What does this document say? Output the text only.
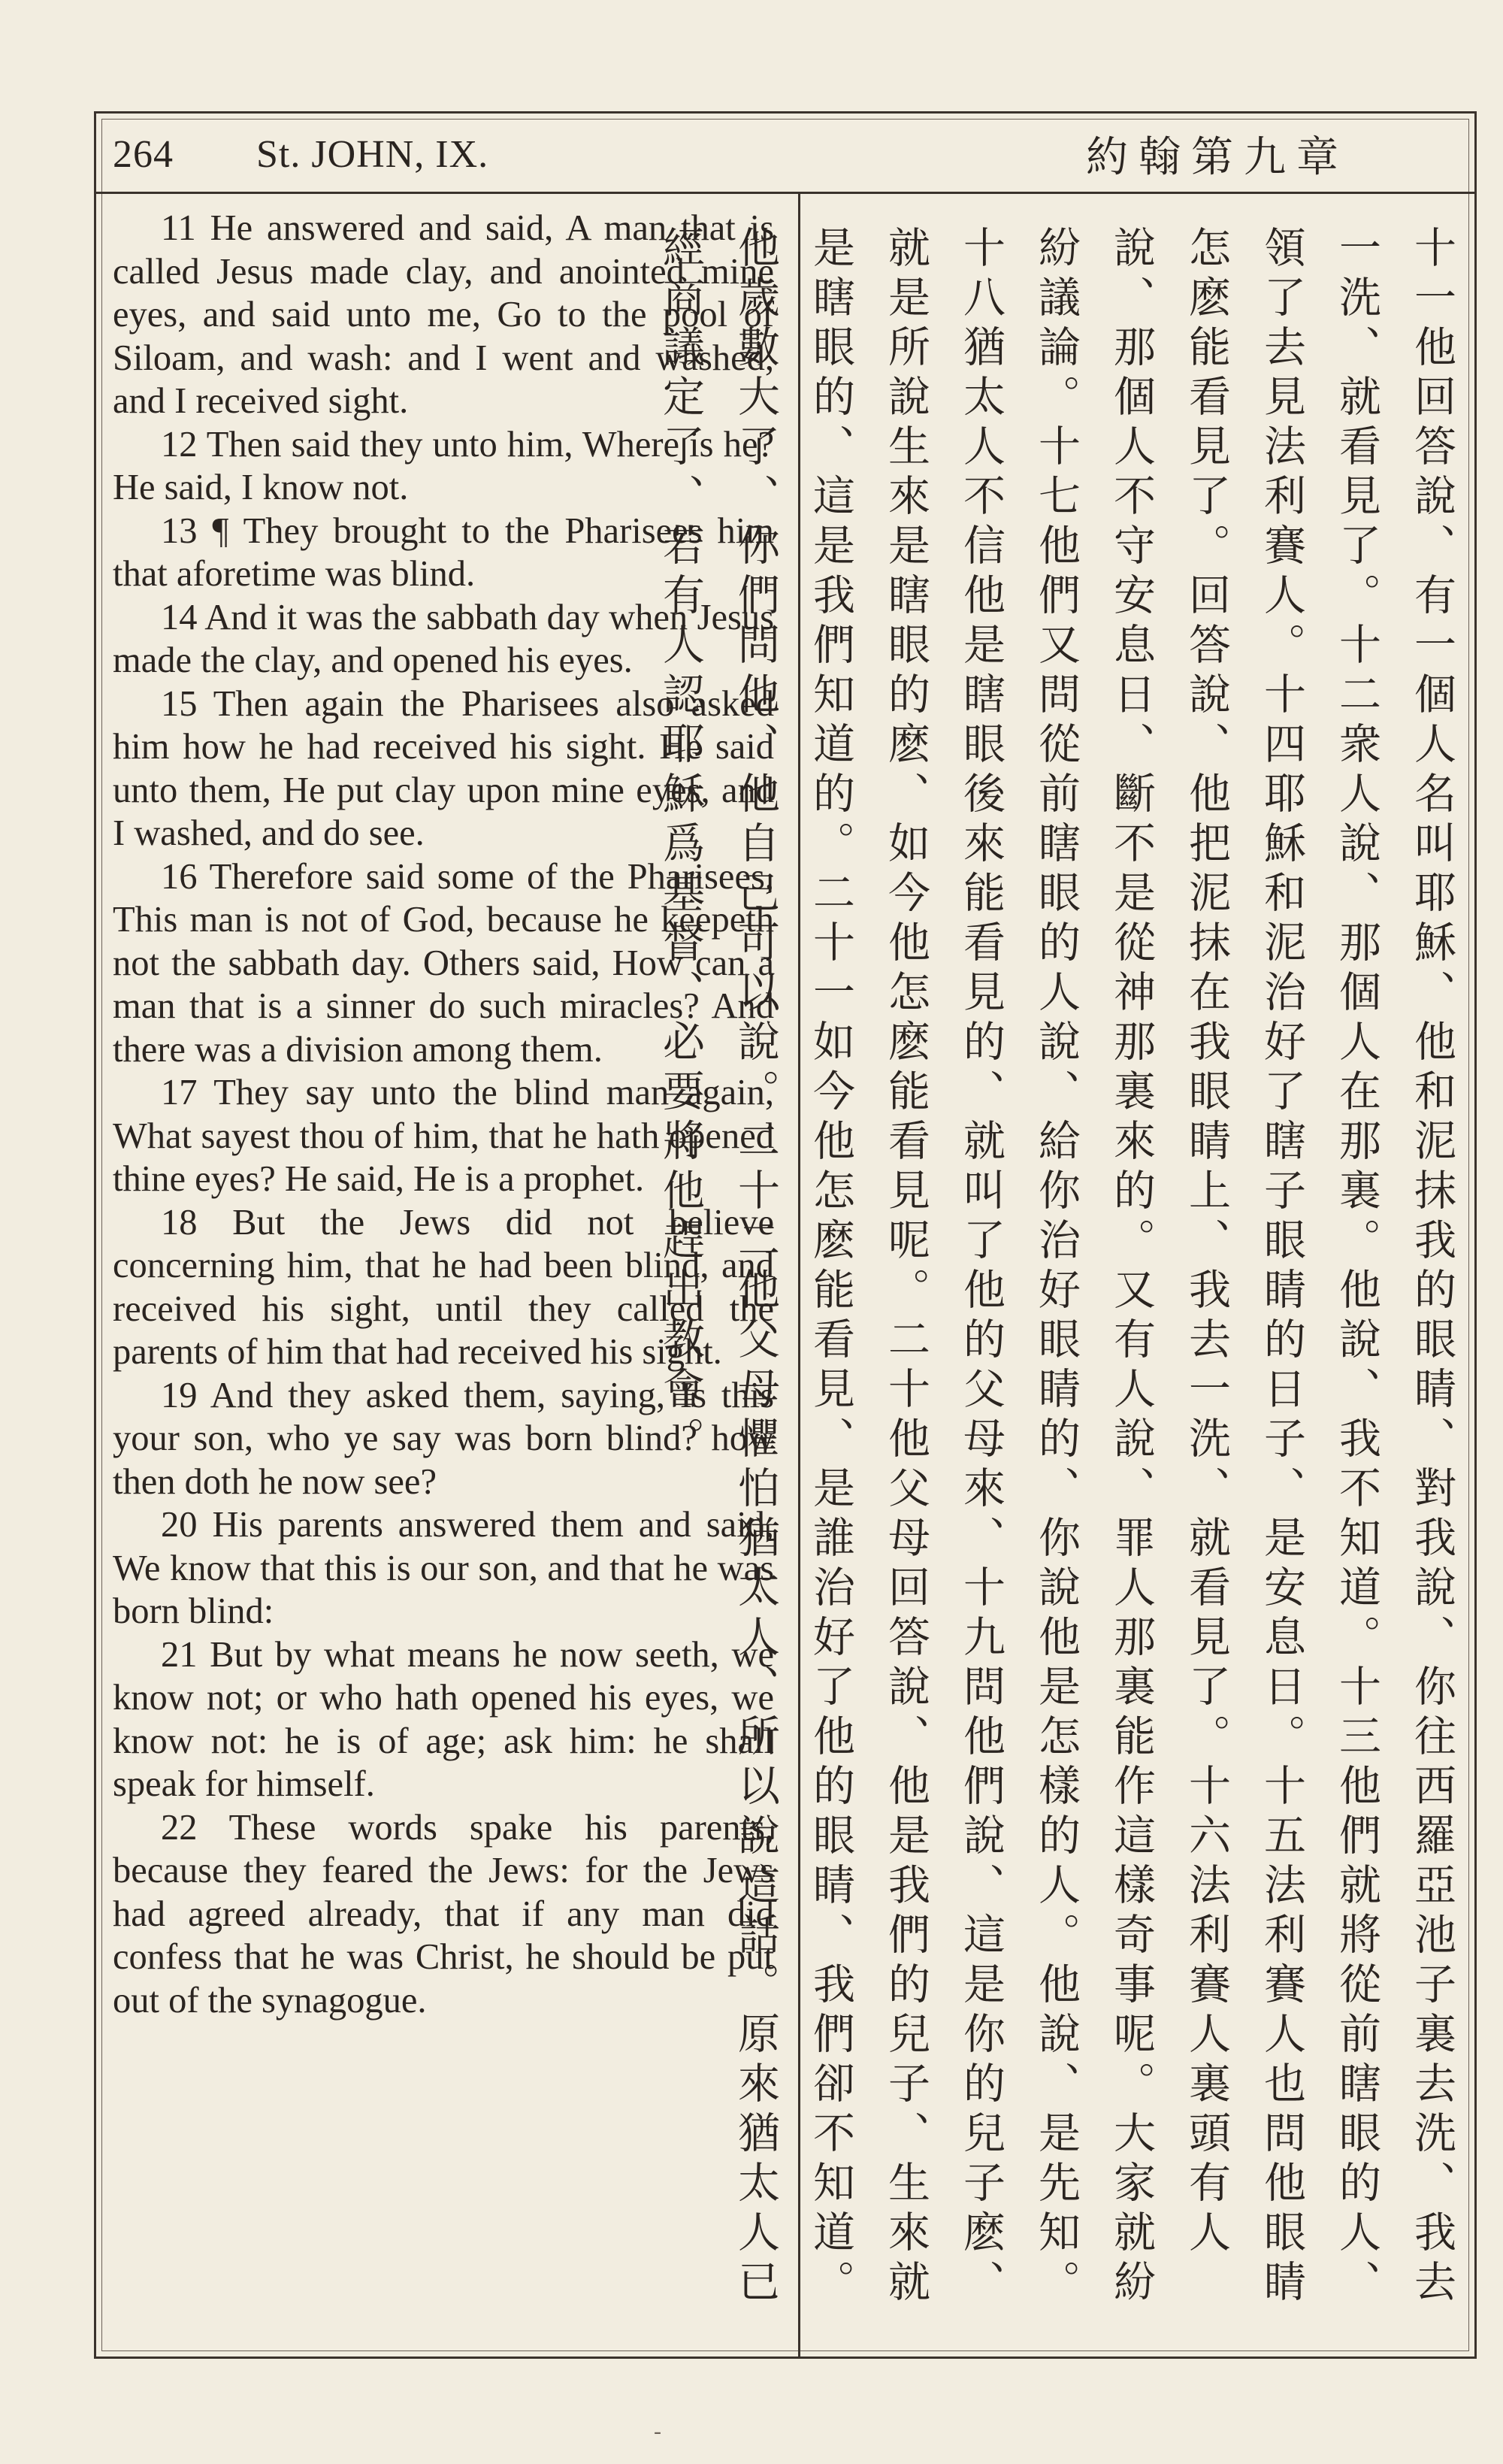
264 St. JOHN, IX.	約翰第九章

11 He answered and said, A man that is called Jesus made clay, and anointed mine eyes, and said unto me, Go to the pool of Siloam, and wash: and I went and washed, and I received sight.

12 Then said they unto him, Where is he? He said, I know not.

13 ¶ They brought to the Pharisees him that aforetime was blind.

14 And it was the sabbath day when Jesus made the clay, and opened his eyes.

15 Then again the Pharisees also asked him how he had received his sight. He said unto them, He put clay upon mine eyes, and I washed, and do see.

16 Therefore said some of the Pharisees, This man is not of God, because he keepeth not the sabbath day. Others said, How can a man that is a sinner do such miracles? And there was a division among them.

17 They say unto the blind man again, What sayest thou of him, that he hath opened thine eyes? He said, He is a prophet.

18 But the Jews did not believe concerning him, that he had been blind, and received his sight, until they called the parents of him that had received his sight.

19 And they asked them, saying, Is this your son, who ye say was born blind? how then doth he now see?

20 His parents answered them and said, We know that this is our son, and that he was born blind:

21 But by what means he now seeth, we know not; or who hath opened his eyes, we know not: he is of age; ask him: he shall speak for himself.

22 These words spake his parents, because they feared the Jews: for the Jews had agreed already, that if any man did confess that he was Christ, he should be put out of the synagogue.	十一他回答說、有一個人名叫耶穌、他和泥抹我的眼睛、對我說、你往西羅亞池子裏去洗、我去一洗、就看見了。十二衆人說、那個人在那裏。他說、我不知道。十三他們就將從前瞎眼的人、領了去見法利賽人。十四耶穌和泥治好了瞎子眼睛的日子、是安息日。十五法利賽人也問他眼睛怎麽能看見了。回答說、他把泥抹在我眼睛上、我去一洗、就看見了。十六法利賽人裏頭有人說、那個人不守安息日、斷不是從神那裏來的。又有人說、罪人那裏能作這樣奇事呢。大家就紛紛議論。十七他們又問從前瞎眼的人說、給你治好眼睛的、你說他是怎樣的人。他說、是先知。十八猶太人不信他是瞎眼後來能看見的、就叫了他的父母來、十九問他們說、這是你的兒子麽、就是所說生來是瞎眼的麽、如今他怎麽能看見呢。二十他父母回答說、他是我們的兒子、生來就是瞎眼的、這是我們知道的。二十一如今他怎麽能看見、是誰治好了他的眼睛、我們卻不知道。他歲數大了、你們問他、他自己可以說。二十二他父母懼怕猶太人、所以說這話。原來猶太人已經商議定了、若有人認耶穌爲基督、必要將他趕出教會。

-
